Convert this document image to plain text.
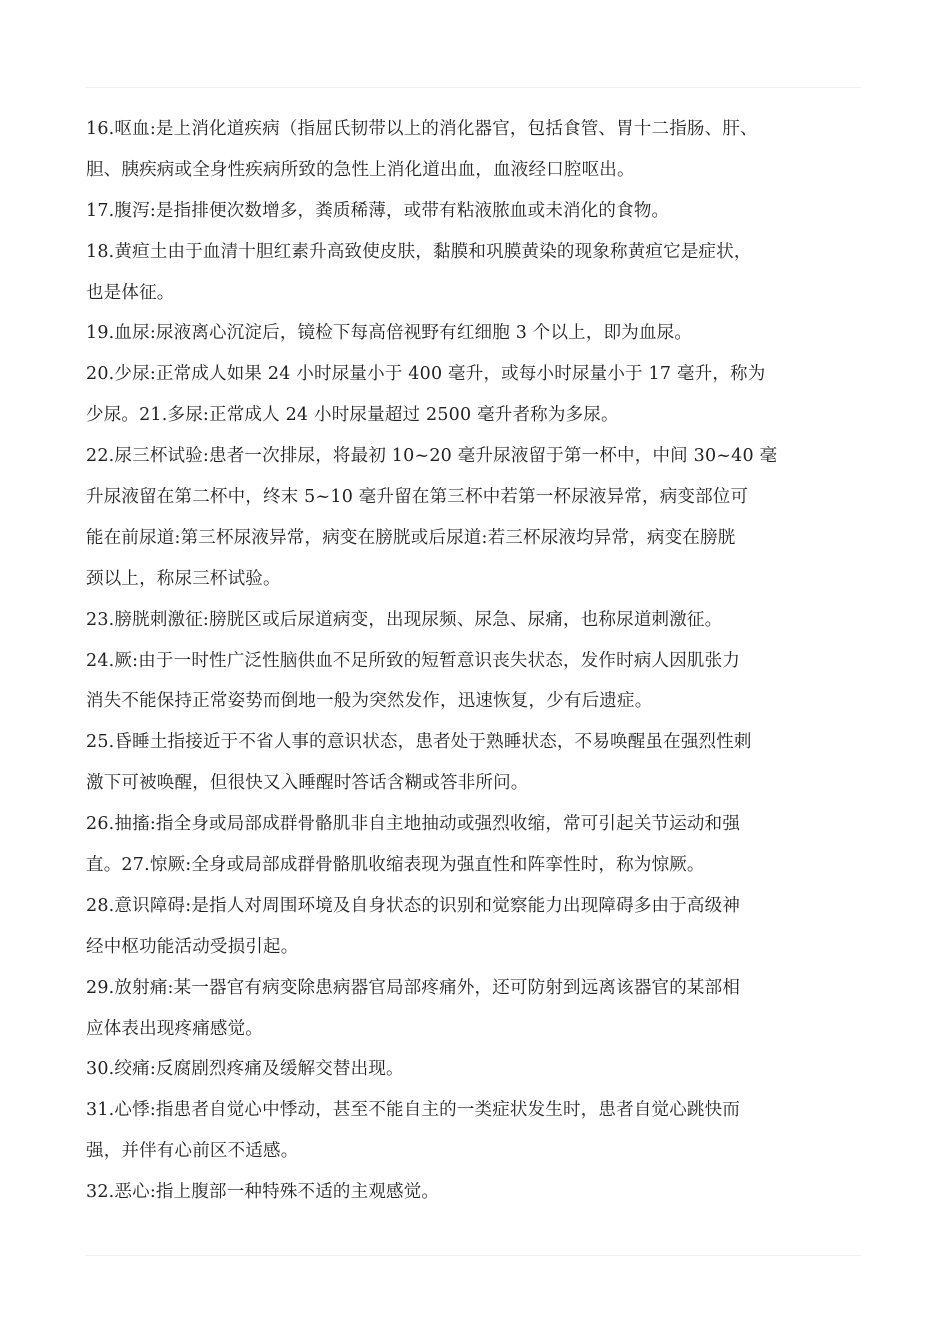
16.呕血:是上消化道疾病（指屈氏韧带以上的消化器官，包括食管、胃十二指肠、肝、
胆、胰疾病或全身性疾病所致的急性上消化道出血，血液经口腔呕出。
17.腹泻:是指排便次数增多，粪质稀薄，或带有粘液脓血或未消化的食物。
18.黄疸土由于血清十胆红素升高致使皮肤，黏膜和巩膜黄染的现象称黄疸它是症状，
也是体征。
19.血尿:尿液离心沉淀后，镜检下每高倍视野有红细胞 3 个以上，即为血尿。
20.少尿:正常成人如果 24 小时尿量小于 400 毫升，或每小时尿量小于 17 毫升，称为
少尿。21.多尿:正常成人 24 小时尿量超过 2500 毫升者称为多尿。
22.尿三杯试验:患者一次排尿，将最初 10~20 毫升尿液留于第一杯中，中间 30~40 毫
升尿液留在第二杯中，终末 5~10 毫升留在第三杯中若第一杯尿液异常，病变部位可
能在前尿道:第三杯尿液异常，病变在膀胱或后尿道:若三杯尿液均异常，病变在膀胱
颈以上，称尿三杯试验。
23.膀胱刺激征:膀胱区或后尿道病变，出现尿频、尿急、尿痛，也称尿道刺激征。
24.厥:由于一时性广泛性脑供血不足所致的短暂意识丧失状态，发作时病人因肌张力
消失不能保持正常姿势而倒地一般为突然发作，迅速恢复，少有后遗症。
25.昏睡土指接近于不省人事的意识状态，患者处于熟睡状态，不易唤醒虽在强烈性刺
激下可被唤醒，但很快又入睡醒时答话含糊或答非所问。
26.抽搐:指全身或局部成群骨骼肌非自主地抽动或强烈收缩，常可引起关节运动和强
直。27.惊厥:全身或局部成群骨骼肌收缩表现为强直性和阵挛性时，称为惊厥。
28.意识障碍:是指人对周围环境及自身状态的识别和觉察能力出现障碍多由于高级神
经中枢功能活动受损引起。
29.放射痛:某一器官有病变除患病器官局部疼痛外，还可防射到远离该器官的某部相
应体表出现疼痛感觉。
30.绞痛:反腐剧烈疼痛及缓解交替出现。
31.心悸:指患者自觉心中悸动，甚至不能自主的一类症状发生时，患者自觉心跳快而
强，并伴有心前区不适感。
32.恶心:指上腹部一种特殊不适的主观感觉。
